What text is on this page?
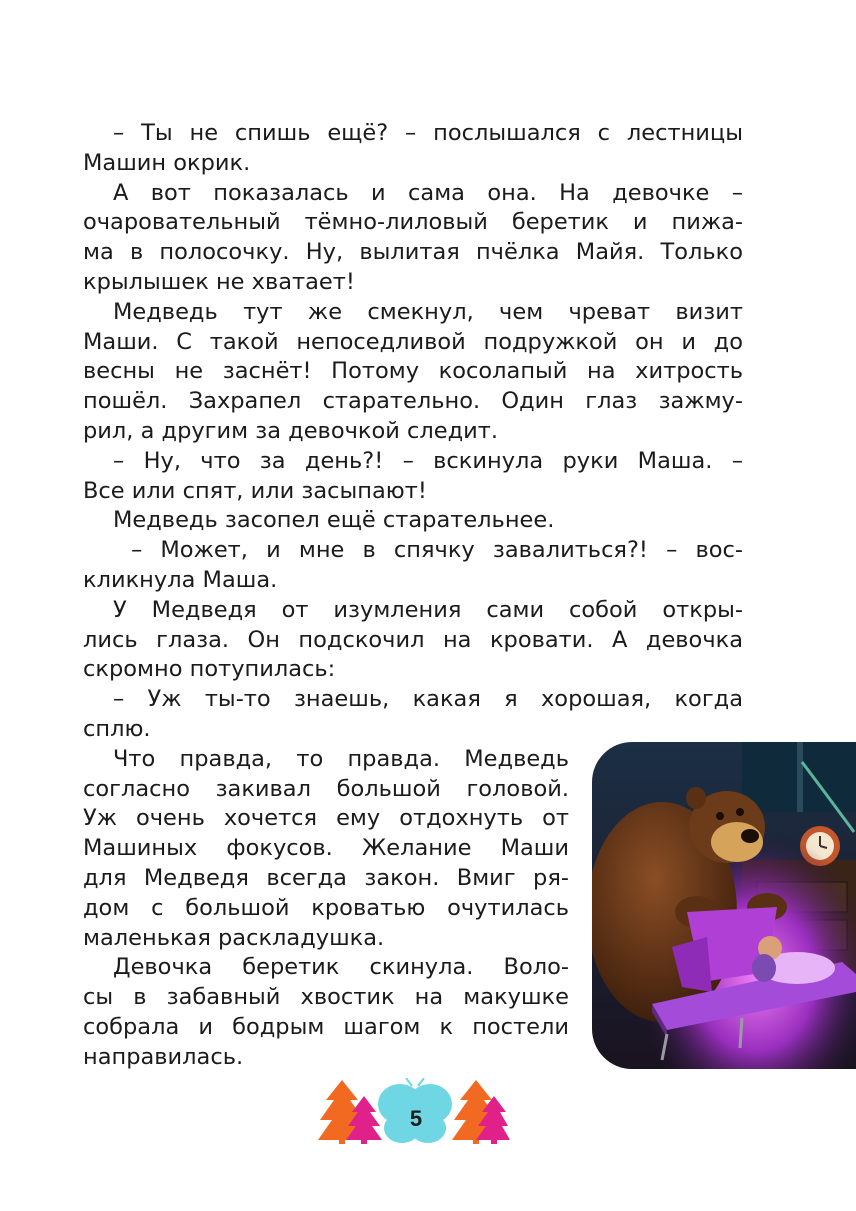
– Ты не спишь ещё? – послышался с лестницы
Машин окрик.
А вот показалась и сама она. На девочке –
очаровательный тёмно-лиловый беретик и пижа-
ма в полосочку. Ну, вылитая пчёлка Майя. Только
крылышек не хватает!
Медведь тут же смекнул, чем чреват визит
Маши. С такой непоседливой подружкой он и до
весны не заснёт! Потому косолапый на хитрость
пошёл. Захрапел старательно. Один глаз зажму-
рил, а другим за девочкой следит.
– Ну, что за день?! – вскинула руки Маша. –
Все или спят, или засыпают!
Медведь засопел ещё старательнее.
– Может, и мне в спячку завалиться?! – вос-
кликнула Маша.
У Медведя от изумления сами собой откры-
лись глаза. Он подскочил на кровати. А девочка
скромно потупилась:
– Уж ты-то знаешь, какая я хорошая, когда
сплю.
Что правда, то правда. Медведь
согласно закивал большой головой.
Уж очень хочется ему отдохнуть от
Машиных фокусов. Желание Маши
для Медведя всегда закон. Вмиг ря-
дом с большой кроватью очутилась
маленькая раскладушка.
Девочка беретик скинула. Воло-
сы в забавный хвостик на макушке
собрала и бодрым шагом к постели
направилась.
5
